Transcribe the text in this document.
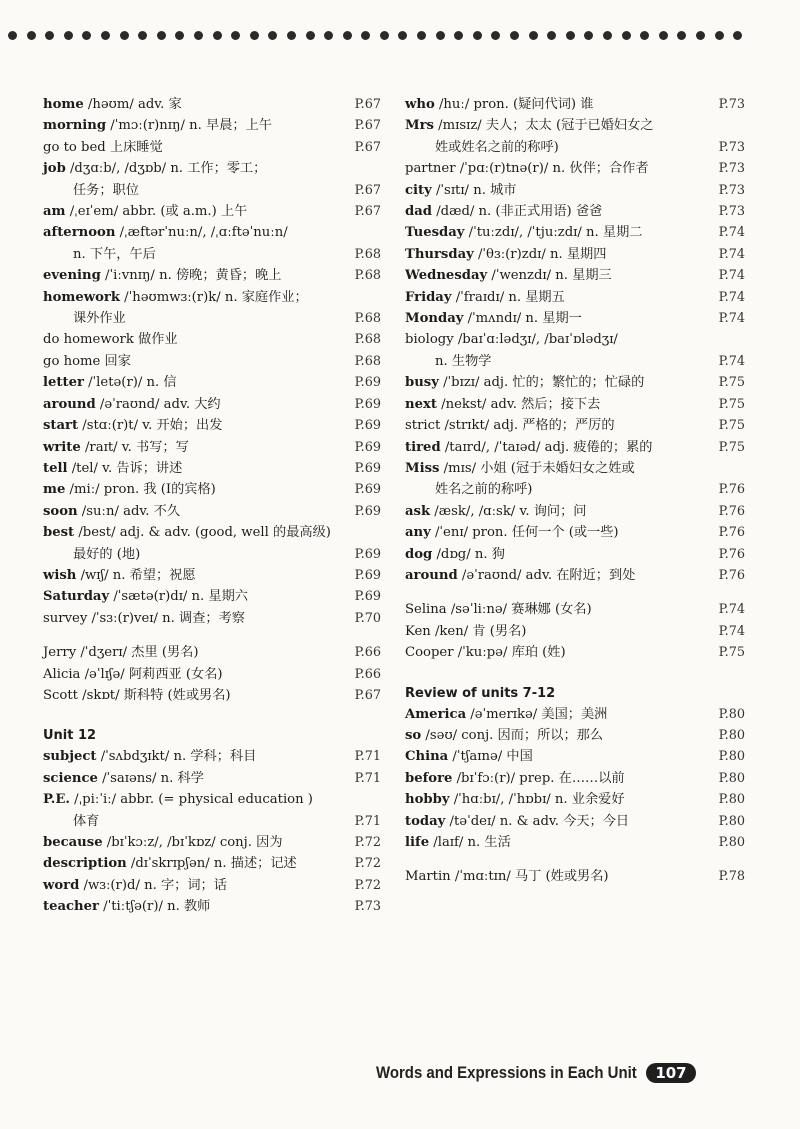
home /həʊm/ adv. 家	P.67
morning /ˈmɔː(r)nɪŋ/ n. 早晨；上午	P.67
go to bed 上床睡觉	P.67
job /dʒɑːb/, /dʒɒb/ n. 工作；零工；
任务；职位	P.67
am /ˌeɪˈem/ abbr. (或 a.m.) 上午	P.67
afternoon /ˌæftərˈnuːn/, /ˌɑːftəˈnuːn/
n. 下午，午后	P.68
evening /ˈiːvnɪŋ/ n. 傍晚；黄昏；晚上	P.68
homework /ˈhəʊmwɜː(r)k/ n. 家庭作业；
课外作业	P.68
do homework 做作业	P.68
go home 回家	P.68
letter /ˈletə(r)/ n. 信	P.69
around /əˈraʊnd/ adv. 大约	P.69
start /stɑː(r)t/ v. 开始；出发	P.69
write /raɪt/ v. 书写；写	P.69
tell /tel/ v. 告诉；讲述	P.69
me /miː/ pron. 我 (I的宾格)	P.69
soon /suːn/ adv. 不久	P.69
best /best/ adj. & adv. (good, well 的最高级)
最好的 (地)	P.69
wish /wɪʃ/ n. 希望；祝愿	P.69
Saturday /ˈsætə(r)dɪ/ n. 星期六	P.69
survey /ˈsɜː(r)veɪ/ n. 调查；考察	P.70
Jerry /ˈdʒerɪ/ 杰里 (男名)	P.66
Alicia /əˈlɪʃə/ 阿莉西亚 (女名)	P.66
Scott /skɒt/ 斯科特 (姓或男名)	P.67
Unit 12
subject /ˈsʌbdʒɪkt/ n. 学科；科目	P.71
science /ˈsaɪəns/ n. 科学	P.71
P.E. /ˌpiːˈiː/ abbr. (= physical education )
体育	P.71
because /bɪˈkɔːz/, /bɪˈkɒz/ conj. 因为	P.72
description /dɪˈskrɪpʃən/ n. 描述；记述	P.72
word /wɜː(r)d/ n. 字；词；话	P.72
teacher /ˈtiːtʃə(r)/ n. 教师	P.73
who /huː/ pron. (疑问代词) 谁	P.73
Mrs /mɪsɪz/ 夫人；太太 (冠于已婚妇女之
姓或姓名之前的称呼)	P.73
partner /ˈpɑː(r)tnə(r)/ n. 伙伴；合作者	P.73
city /ˈsɪtɪ/ n. 城市	P.73
dad /dæd/ n. (非正式用语) 爸爸	P.73
Tuesday /ˈtuːzdɪ/, /ˈtjuːzdɪ/ n. 星期二	P.74
Thursday /ˈθɜː(r)zdɪ/ n. 星期四	P.74
Wednesday /ˈwenzdɪ/ n. 星期三	P.74
Friday /ˈfraɪdɪ/ n. 星期五	P.74
Monday /ˈmʌndɪ/ n. 星期一	P.74
biology /baɪˈɑːlədʒɪ/, /baɪˈɒlədʒɪ/
n. 生物学	P.74
busy /ˈbɪzɪ/ adj. 忙的；繁忙的；忙碌的	P.75
next /nekst/ adv. 然后；接下去	P.75
strict /strɪkt/ adj. 严格的；严厉的	P.75
tired /taɪrd/, /ˈtaɪəd/ adj. 疲倦的；累的	P.75
Miss /mɪs/ 小姐 (冠于未婚妇女之姓或
姓名之前的称呼)	P.76
ask /æsk/, /ɑːsk/ v. 询问；问	P.76
any /ˈenɪ/ pron. 任何一个 (或一些)	P.76
dog /dɒg/ n. 狗	P.76
around /əˈraʊnd/ adv. 在附近；到处	P.76
Selina /səˈliːnə/ 赛琳娜 (女名)	P.74
Ken /ken/ 肯 (男名)	P.74
Cooper /ˈkuːpə/ 库珀 (姓)	P.75
Review of units 7-12
America /əˈmerɪkə/ 美国；美洲	P.80
so /səʊ/ conj. 因而；所以；那么	P.80
China /ˈtʃaɪnə/ 中国	P.80
before /bɪˈfɔː(r)/ prep. 在……以前	P.80
hobby /ˈhɑːbɪ/, /ˈhɒbɪ/ n. 业余爱好	P.80
today /təˈdeɪ/ n. & adv. 今天；今日	P.80
life /laɪf/ n. 生活	P.80
Martin /ˈmɑːtɪn/ 马丁 (姓或男名)	P.78
Words and Expressions in Each Unit	107
